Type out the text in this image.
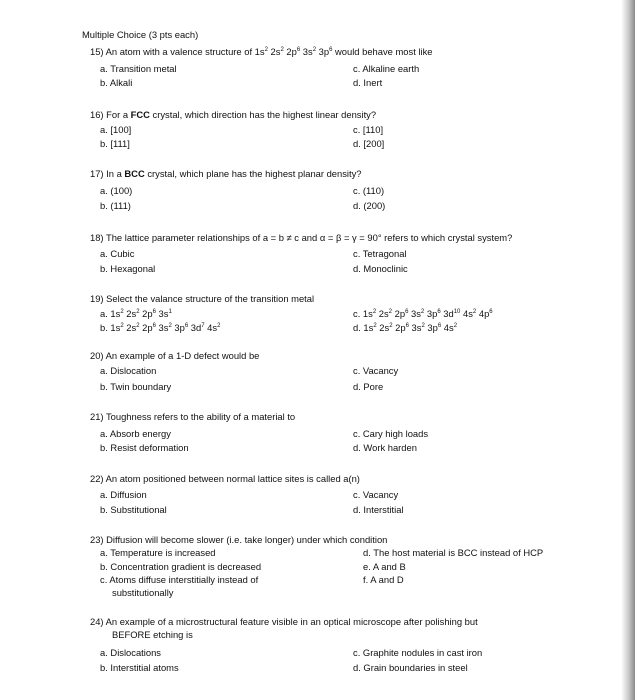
Multiple Choice (3 pts each)
15) An atom with a valence structure of $1s^2$ $2s^2$ $2p^6$ $3s^2$ $3p^6$ would behave most like
a. Transition metal
b. Alkali
c. Alkaline earth
d. Inert
16) For a FCC crystal, which direction has the highest linear density?
a. [100]
b. [111]
c. [110]
d. [200]
17) In a BCC crystal, which plane has the highest planar density?
a. (100)
b. (111)
c. (110)
d. (200)
18) The lattice parameter relationships of a = b ≠ c and α = β = γ = 90° refers to which crystal system?
a. Cubic
b. Hexagonal
c. Tetragonal
d. Monoclinic
19) Select the valance structure of the transition metal
a. $1s^2$ $2s^2$ $2p^6$ $3s^1$
b. $1s^2$ $2s^2$ $2p^6$ $3s^2$ $3p^6$ $3d^7$ $4s^2$
c. $1s^2$ $2s^2$ $2p^6$ $3s^2$ $3p^6$ $3d^{10}$ $4s^2$ $4p^6$
d. $1s^2$ $2s^2$ $2p^6$ $3s^2$ $3p^6$ $4s^2$
20) An example of a 1-D defect would be
a. Dislocation
b. Twin boundary
c. Vacancy
d. Pore
21) Toughness refers to the ability of a material to
a. Absorb energy
b. Resist deformation
c. Cary high loads
d. Work harden
22) An atom positioned between normal lattice sites is called a(n)
a. Diffusion
b. Substitutional
c. Vacancy
d. Interstitial
23) Diffusion will become slower (i.e. take longer) under which condition
a. Temperature is increased
b. Concentration gradient is decreased
c. Atoms diffuse interstitially instead of
substitutionally
d. The host material is BCC instead of HCP
e. A and B
f. A and D
24) An example of a microstructural feature visible in an optical microscope after polishing but
BEFORE etching is
a. Dislocations
b. Interstitial atoms
c. Graphite nodules in cast iron
d. Grain boundaries in steel
